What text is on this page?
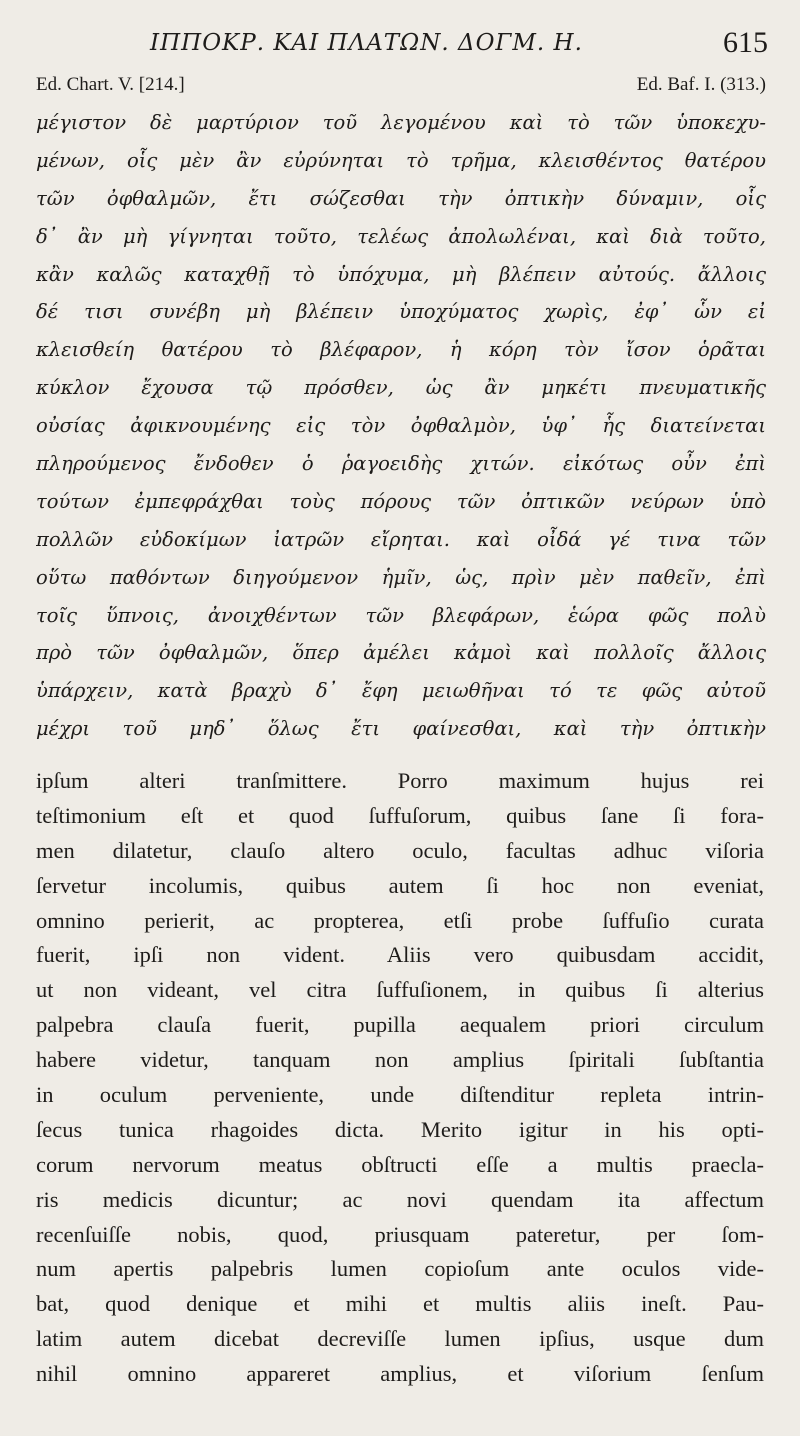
ΙΠΠΟΚΡ. ΚΑΙ ΠΛΑΤΩΝ. ΔΟΓΜ. Η.	615
Ed. Chart. V. [214.]	Ed. Baf. I. (313.)
μέγιστον δὲ μαρτύριον τοῦ λεγομένου καὶ τὸ τῶν ὑποκεχυ-
μένων, οἷς μὲν ἂν εὐρύνηται τὸ τρῆμα, κλεισθέντος θατέρου
τῶν ὀφθαλμῶν, ἔτι σώζεσθαι τὴν ὀπτικὴν δύναμιν, οἷς
δ᾽ ἂν μὴ γίγνηται τοῦτο, τελέως ἀπολωλέναι, καὶ διὰ τοῦτο,
κἂν καλῶς καταχθῇ τὸ ὑπόχυμα, μὴ βλέπειν αὐτούς. ἄλλοις
δέ τισι συνέβη μὴ βλέπειν ὑποχύματος χωρὶς, ἐφ᾽ ὧν εἰ
κλεισθείη θατέρου τὸ βλέφαρον, ἡ κόρη τὸν ἴσον ὁρᾶται
κύκλον ἔχουσα τῷ πρόσθεν, ὡς ἂν μηκέτι πνευματικῆς
οὐσίας ἀφικνουμένης εἰς τὸν ὀφθαλμὸν, ὑφ᾽ ἧς διατείνεται
πληρούμενος ἔνδοθεν ὁ ῥαγοειδὴς χιτών. εἰκότως οὖν ἐπὶ
τούτων ἐμπεφράχθαι τοὺς πόρους τῶν ὀπτικῶν νεύρων ὑπὸ
πολλῶν εὐδοκίμων ἰατρῶν εἴρηται. καὶ οἶδά γέ τινα τῶν
οὕτω παθόντων διηγούμενον ἡμῖν, ὡς, πρὶν μὲν παθεῖν, ἐπὶ
τοῖς ὕπνοις, ἀνοιχθέντων τῶν βλεφάρων, ἑώρα φῶς πολὺ
πρὸ τῶν ὀφθαλμῶν, ὅπερ ἀμέλει κἀμοὶ καὶ πολλοῖς ἄλλοις
ὑπάρχειν, κατὰ βραχὺ δ᾽ ἔφη μειωθῆναι τό τε φῶς αὐτοῦ
μέχρι τοῦ μηδ᾽ ὅλως ἔτι φαίνεσθαι, καὶ τὴν ὀπτικὴν
ipſum alteri tranſmittere. Porro maximum hujus rei
teſtimonium eſt et quod ſuffuſorum, quibus ſane ſi fora-
men dilatetur, clauſo altero oculo, facultas adhuc viſoria
ſervetur incolumis, quibus autem ſi hoc non eveniat,
omnino perierit, ac propterea, etſi probe ſuffuſio curata
fuerit, ipſi non vident. Aliis vero quibusdam accidit,
ut non videant, vel citra ſuffuſionem, in quibus ſi alterius
palpebra clauſa fuerit, pupilla aequalem priori circulum
habere videtur, tanquam non amplius ſpiritali ſubſtantia
in oculum perveniente, unde diſtenditur repleta intrin-
ſecus tunica rhagoides dicta. Merito igitur in his opti-
corum nervorum meatus obſtructi eſſe a multis praecla-
ris medicis dicuntur; ac novi quendam ita affectum
recenſuiſſe nobis, quod, priusquam pateretur, per ſom-
num apertis palpebris lumen copioſum ante oculos vide-
bat, quod denique et mihi et multis aliis ineſt. Pau-
latim autem dicebat decreviſſe lumen ipſius, usque dum
nihil omnino appareret amplius, et viſorium ſenſum
